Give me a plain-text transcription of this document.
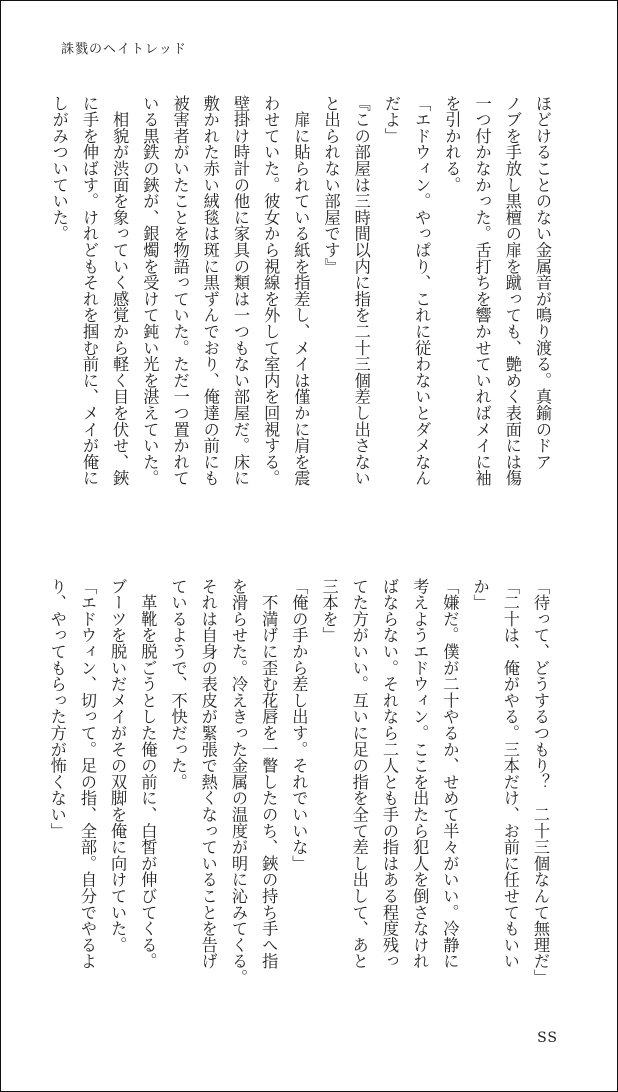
誅戮のヘイトレッド
ほどけることのない金属音が鳴り渡る。真鍮のドア
ノブを手放し黒檀の扉を蹴っても、艶めく表面には傷
一つ付かなかった。舌打ちを響かせていればメイに袖
を引かれる。
「エドウィン。やっぱり、これに従わないとダメなん
だよ」
『この部屋は三時間以内に指を二十三個差し出さない
と出られない部屋です』
　扉に貼られている紙を指差し、メイは僅かに肩を震
わせていた。彼女から視線を外して室内を回視する。
壁掛け時計の他に家具の類は一つもない部屋だ。床に
敷かれた赤い絨毯は斑に黒ずんでおり、俺達の前にも
被害者がいたことを物語っていた。ただ一つ置かれて
いる黒鉄の鋏が、銀燭を受けて鈍い光を湛えていた。
　相貌が渋面を象っていく感覚から軽く目を伏せ、鋏
に手を伸ばす。けれどもそれを掴む前に、メイが俺に
しがみついていた。
「待って、どうするつもり？　二十三個なんて無理だ」
「二十は、俺がやる。三本だけ、お前に任せてもいい
か」
「嫌だ。僕が二十やるか、せめて半々がいい。冷静に
考えようエドウィン。ここを出たら犯人を倒さなけれ
ばならない。それなら二人とも手の指はある程度残っ
てた方がいい。互いに足の指を全て差し出して、あと
三本を」
「俺の手から差し出す。それでいいな」
　不満げに歪む花唇を一瞥したのち、鋏の持ち手へ指
を滑らせた。冷えきった金属の温度が明に沁みてくる。
それは自身の表皮が緊張で熱くなっていることを告げ
ているようで、不快だった。
　革靴を脱ごうとした俺の前に、白皙が伸びてくる。
ブーツを脱いだメイがその双脚を俺に向けていた。
「エドウィン、切って。足の指、全部。自分でやるよ
り、やってもらった方が怖くない」
SS
